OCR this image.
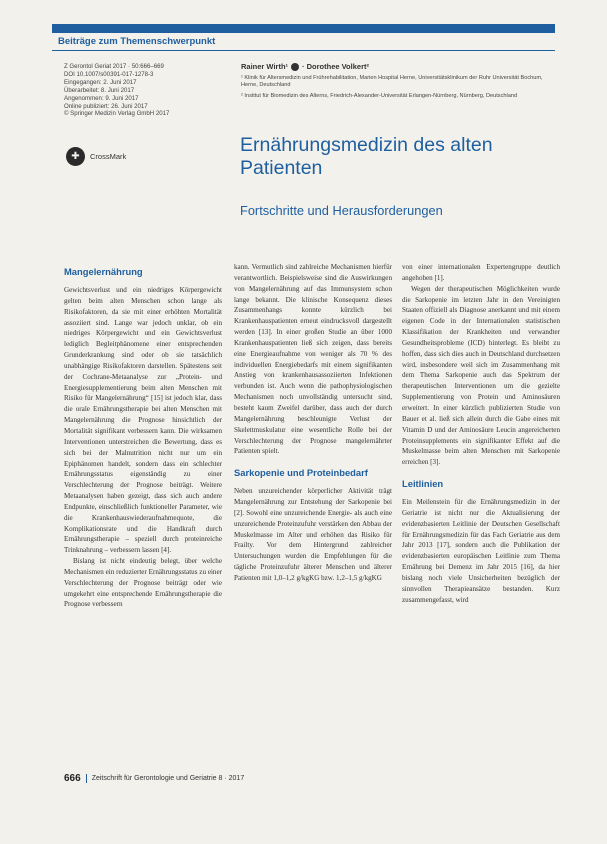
Beiträge zum Themenschwerpunkt
Z Gerontol Geriat 2017 · 50:666–669
DOI 10.1007/s00391-017-1278-3
Eingegangen: 2. Juni 2017
Überarbeitet: 8. Juni 2017
Angenommen: 9. Juni 2017
Online publiziert: 26. Juni 2017
© Springer Medizin Verlag GmbH 2017
✚	CrossMark
Rainer Wirth¹ · Dorothee Volkert²

¹ Klinik für Altersmedizin und Frührehabilitation, Marien Hospital Herne, Universitätsklinikum der Ruhr Universität Bochum, Herne, Deutschland

² Institut für Biomedizin des Alterns, Friedrich-Alexander-Universität Erlangen-Nürnberg, Nürnberg, Deutschland

Ernährungsmedizin des alten Patienten
Fortschritte und Herausforderungen
Mangelernährung

Gewichtsverlust und ein niedriges Körpergewicht gelten beim alten Menschen schon lange als Risikofaktoren, da sie mit einer erhöhten Mortalität assoziiert sind. Lange war jedoch unklar, ob ein niedriges Körpergewicht und ein Gewichtsverlust lediglich Begleitphänomene einer entsprechenden Grunderkrankung sind oder ob sie tatsächlich unabhängige Risikofaktoren darstellen. Spätestens seit der Cochrane-Metaanalyse zur „Protein- und Energiesupplementierung beim alten Menschen mit Risiko für Mangelernährung“ [15] ist jedoch klar, dass die orale Ernährungstherapie bei alten Menschen mit Mangelernährung die Prognose hinsichtlich der Mortalität signifikant verbessern kann. Die wirksamen Interventionen unterstreichen die Bewertung, dass es sich bei der Malnutrition nicht nur um ein Epiphänomen handelt, sondern dass ein schlechter Ernährungsstatus eigenständig zu einer Verschlechterung der Prognose beiträgt. Weitere Metaanalysen haben gezeigt, dass sich auch andere Endpunkte, einschließlich funktioneller Parameter, wie die Krankenhauswiederaufnahmequote, die Komplikationsrate und die Handkraft durch Ernährungstherapie – speziell durch proteinreiche Trinknahrung – verbessern lassen [4].

Bislang ist nicht eindeutig belegt, über welche Mechanismen ein reduzierter Ernährungsstatus zu einer Verschlechterung der Prognose beiträgt oder wie umgekehrt eine entsprechende Ernährungstherapie die Prognose verbessern

kann. Vermutlich sind zahlreiche Mechanismen hierfür verantwortlich. Beispielsweise sind die Auswirkungen von Mangelernährung auf das Immunsystem schon lange bekannt. Die klinische Konsequenz dieses Zusammenhangs konnte kürzlich bei Krankenhauspatienten erneut eindrucksvoll dargestellt werden [13]. In einer großen Studie an über 1000 Krankenhauspatienten ließ sich zeigen, dass bereits eine Energieaufnahme von weniger als 70 % des individuellen Energiebedarfs mit einem signifikanten Anstieg von krankenhausassoziierten Infektionen verbunden ist. Auch wenn die pathophysiologischen Mechanismen noch unvollständig untersucht sind, besteht kaum Zweifel darüber, dass auch der durch Mangelernährung beschleunigte Verlust der Skelettmuskulatur eine wesentliche Rolle bei der Verschlechterung der Prognose mangelernährter Patienten spielt.

Sarkopenie und Proteinbedarf

Neben unzureichender körperlicher Aktivität trägt Mangelernährung zur Entstehung der Sarkopenie bei [2]. Sowohl eine unzureichende Energie- als auch eine unzureichende Proteinzufuhr verstärken den Abbau der Muskelmasse im Alter und erhöhen das Risiko für Frailty. Vor dem Hintergrund zahlreicher Untersuchungen wurden die Empfehlungen für die tägliche Proteinzufuhr älterer Menschen und älterer Patienten mit 1,0–1,2 g/kgKG bzw. 1,2–1,5 g/kgKG

von einer internationalen Expertengruppe deutlich angehoben [1].

Wegen der therapeutischen Möglichkeiten wurde die Sarkopenie im letzten Jahr in den Vereinigten Staaten offiziell als Diagnose anerkannt und mit einem eigenen Code in der Internationalen statistischen Klassifikation der Krankheiten und verwandter Gesundheitsprobleme (ICD) hinterlegt. Es bleibt zu hoffen, dass sich dies auch in Deutschland durchsetzen wird, insbesondere weil sich im Zusammenhang mit dem Thema Sarkopenie auch das Spektrum der therapeutischen Interventionen um die gezielte Supplementierung von Protein und Aminosäuren erweitert. In einer kürzlich publizierten Studie von Bauer et al. ließ sich allein durch die Gabe eines mit Vitamin D und der Aminosäure Leucin angereicherten Proteinsupplements ein signifikanter Effekt auf die Muskelmasse beim alten Menschen mit Sarkopenie erreichen [3].

Leitlinien

Ein Meilenstein für die Ernährungsmedizin in der Geriatrie ist nicht nur die Aktualisierung der evidenzbasierten Leitlinie der Deutschen Gesellschaft für Ernährungsmedizin für das Fach Geriatrie aus dem Jahr 2013 [17], sondern auch die Publikation der evidenzbasierten europäischen Leitlinie zum Thema Ernährung bei Demenz im Jahr 2015 [16], da hier bislang noch viele Unsicherheiten bezüglich der sinnvollen Therapieansätze bestanden. Kurz zusammengefasst, wird

666 Zeitschrift für Gerontologie und Geriatrie 8 · 2017
